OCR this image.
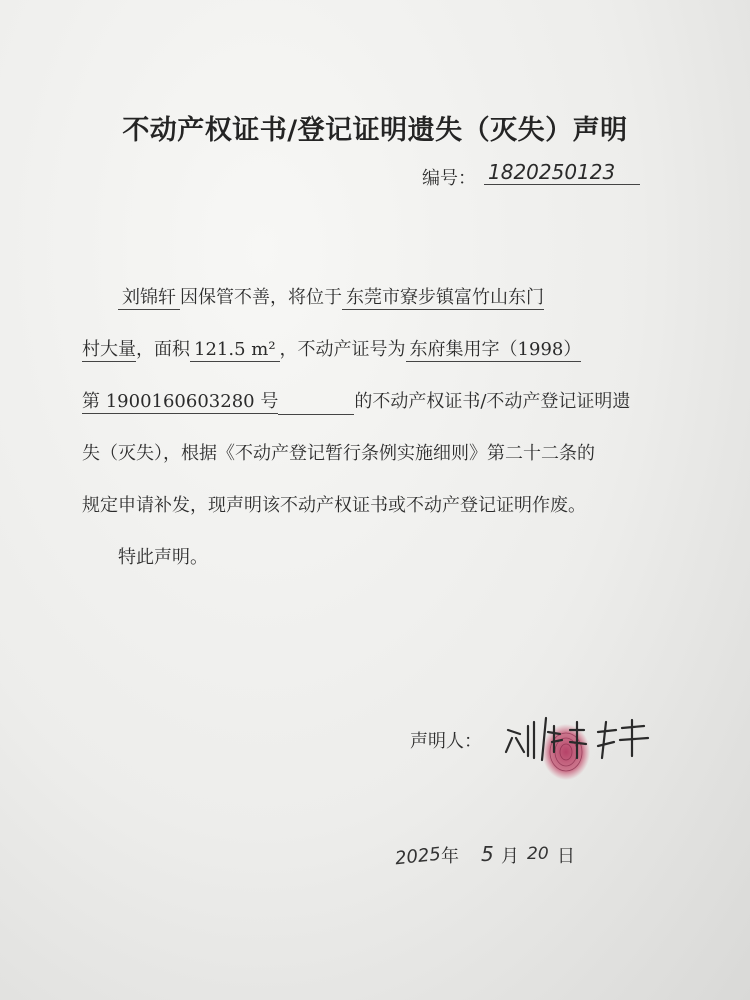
不动产权证书/登记证明遗失（灭失）声明
编号： 1820250123
刘锦轩 因保管不善，将位于 东莞市寮步镇富竹山东门
村大量，面积 121.5 m² ，不动产证号为 东府集用字（1998）
第 1900160603280 号	的不动产权证书/不动产登记证明遗
失（灭失），根据《不动产登记暂行条例实施细则》第二十二条的
规定申请补发，现声明该不动产权证书或不动产登记证明作废。
特此声明。
声明人：
2025 年 5 月 20 日
